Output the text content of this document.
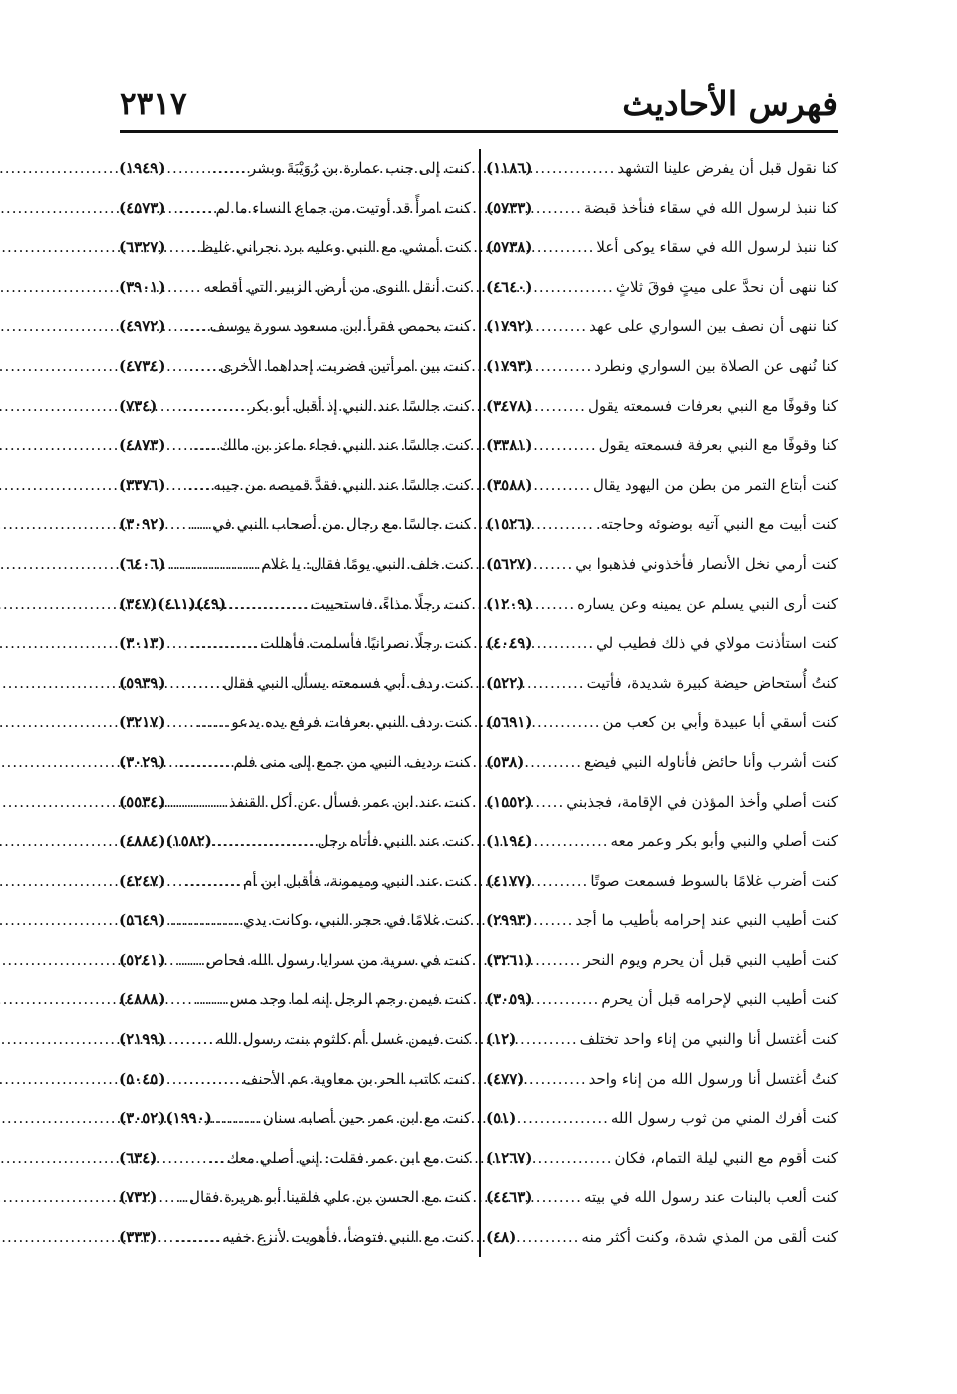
فهرس الأحاديث
٢٣١٧
كنا نقول قبل أن يفرض علينا التشهد
.....
(١١٨٦)
كنا ننبذ لرسول الله في سقاء فنأخذ قبضة
.....
(٥٧٣٣)
كنا ننبذ لرسول الله في سقاء يوكى أعلا
.....
(٥٧٣٨)
كنا ننهى أن نحدَّ على ميتٍ فوقَ ثلاثٍ
.....
(٤٦٤٠)
كنا ننهى أن نصف بين السواري على عهد
.....
(١٧٩٢)
كنا نُنهى عن الصلاة بين السواري ونطرد
.....
(١٧٩٣)
كنا وقوفًا مع النبي بعرفات فسمعته يقول
.....
(٣٤٧٨)
كنا وقوفًا مع النبي بعرفة فسمعته يقول
.....
(٣٣٨١)
كنت أبتاع التمر من بطن من اليهود يقال
.....
(٣٥٨٨)
كنت أبيت مع النبي آتيه بوضوئه وحاجته.
.....
(١٥٢٦)
كنت أرمي نخل الأنصار فأخذوني فذهبوا بي
.....
(٥٦٢٧)
كنت أرى النبي يسلم عن يمينه وعن يساره
.....
(١٢٠٩)
كنت استأذنت مولاي في ذلك فطيب لي
.....
(٤٠٤٩)
كنتُ أُستحاض حيضة كبيرة شديدة، فأتيت
.....
(٥٢٢)
كنت أسقي أبا عبيدة وأبي بن كعب من
.....
(٥٦٩١)
كنت أشرب وأنا حائض فأناوله النبي فيضع
.....
(٥٣٨)
كنت أصلي وأخذ المؤذن في الإقامة، فجذبني
.....
(١٥٥٢)
كنت أصلي والنبي وأبو بكر وعمر معه
.....
(١١٩٤)
كنت أضرب غلامًا بالسوط فسمعت صوتًا
.....
(٤١٧٧)
كنت أطيب النبي عند إحرامه بأطيب ما أجد
.....
(٢٩٩٣)
كنت أطيب النبي قبل أن يحرم ويوم النحر
.....
(٣٢٦١)
كنت أطيب النبي لإحرامه قبل أن يحرم
.....
(٣٠٥٩)
كنت أغتسل أنا والنبي من إناء واحد تختلف
.....
(١٢)
كنتُ أغتسل أنا ورسول الله من إناء واحد
.....
(٤٧٧)
كنت أفرك المني من ثوب رسول الله
.....
(٥١)
كنت أقوم مع النبي ليلة التمام، فكان
.....
(١٢٦٧)
كنت ألعب بالبنات عند رسول الله في بيته
.....
(٤٤٦٣)
كنت ألقى من المذي شدة، وكنت أكثر منه
.....
(٤٨)
كنت إلى جنب عمارة بن رُوَيْبَةَ وبشر
.....
(١٩٤٩)
كنت امرأً قد أوتيت من جماع النساء ما لم
.....
(٤٥٧٣)
كنت أمشي مع النبي وعليه برد نجراني غليظ
.....
(٦٣٢٧)
كنت أنقل النوى من أرض الزبير التي أقطعه
.....
(٣٩٠١)
كنت بحمص فقرأ ابن مسعود سورة يوسف
.....
(٤٩٧٢)
كنت بين امرأتين فضربت إحداهما الأخرى
.....
(٤٧٣٤)
كنت جالسًا عند النبي إذ أقبل أبو بكر
.....
(٧٣٤)
كنت جالسًا عند النبي فجاء ماعز بن مالك
.....
(٤٨٧٣)
كنت جالسًا عند النبي فقدَّ قميصه من جيبه
.....
(٣٣٧٦)
كنت جالسًا مع رجال من أصحاب النبي في
.....
(٣٠٩٢)
كنت خلف النبي يومًا فقال: يا غلام
.....
(٦٤٠٦)
كنت رجلًا مذاءً، فاستحييت
.....
(٤٩)(٤١١)(٣٤٧)
كنت رجلًا نصرانيًا فأسلمت فأهللت
.....
(٣٠١٣)
كنت ردف أبي فسمعته يسأل النبي فقال
.....
(٥٩٣٩)
كنت ردف النبي بعرفات فرفع يده يدعو
.....
(٣٢١٧)
كنت رديف النبي من جمع إلى منى فلم
.....
(٣٠٢٩)
كنت عند ابن عمر فسأل عن أكل القنفذ
.....
(٥٥٣٤)
كنت عند النبي فأتاه رجل
.....
(١٥٨٢)(٤٨٨٤)
كنت عند النبي وميمونة، فأقبل ابن أم
.....
(٤٢٤٧)
كنت غلامًا في حجر النبي، وكانت يدي
.....
(٥٦٤٩)
كنت في سرية من سرايا رسول الله فحاص
.....
(٥٢٤١)
كنت فيمن رجم الرجل إنه لما وجد مس
.....
(٤٨٨٨)
كنت فيمن غسل أم كلثوم بنت رسول الله
.....
(٢١٩٩)
كنت كاتب الحر بن معاوية عم الأحنف
.....
(٥٠٤٥)
كنت مع ابن عمر حين أصابه سنان
.....
(١٩٩٠)(٣٠٥٢)
كنت مع ابن عمر فقلت: إني أصلي معك
.....
(٦٣٤)
كنت مع الحسن بن علي فلقينا أبو هريرة فقال
.....
(٧٣٢)
كنت مع النبي فتوضأ، فأهويت لأنزع خفيه
.....
(٣٣٣)
